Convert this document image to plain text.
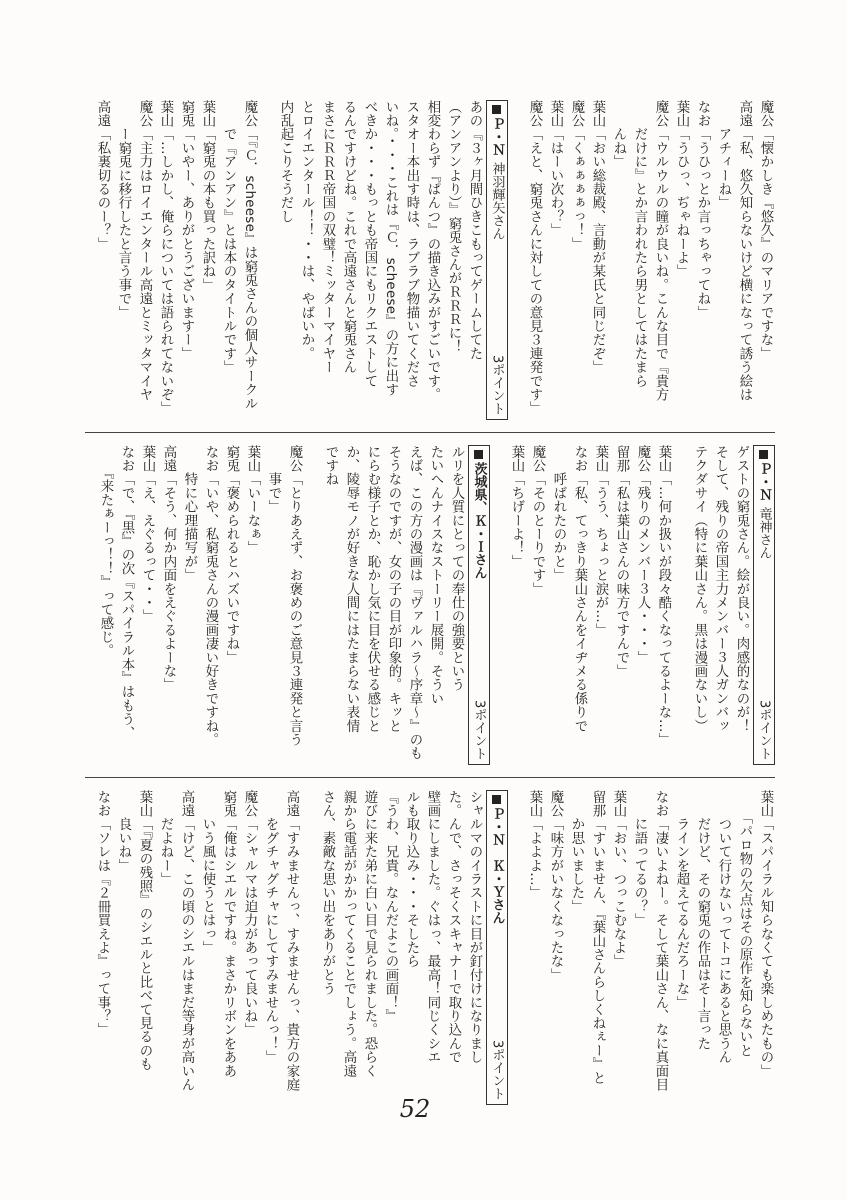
魔公「懐かしき『悠久』のマリアですな」
高遠「私、悠久知らないけど横になって誘う絵は
　　アチィーね」
なお「うひっとか言っちゃってね」
葉山「うひっ、ぢゃねーよ」
魔公「ウルウルの瞳が良いね。こんな目で『貴方
　　だけに』とか言われたら男としてはたまら
　　んね」
葉山「おい総裁殿、言動が某氏と同じだぞ」
魔公「くぁぁぁぁっ！」
葉山「はーい次わ？」
魔公「えと、窮兎さんに対しての意見３連発です」
Ｐ・Ｎ神羽輝矢さん
3ポイント
あの『３ヶ月間ひきこもってゲームしてた
（アンアンより）』窮兎さんがＲＲＲに！
相変わらず『ぱんつ』の描き込みがすごいです。
スタオー本出す時は、ラブラブ物描いてくださ
いね。・・・これは『Ｃ．scheese』の方に出す
べきか・・・もっとも帝国にもリクエストして
るんですけどね。これで高遠さんと窮兎さん
まさにＲＲＲ帝国の双璧！ミッターマイヤー
とロイエンタール！！・・は、やばいか。
内乱起こりそうだし
魔公「『Ｃ．scheese』は窮兎さんの個人サークル
　　で『アンアン』とは本のタイトルです」
葉山「窮兎の本も買った訳ね」
窮兎「いやー、ありがとうございますー」
葉山「…しかし、俺らについては語られてないぞ」
魔公「主力はロイエンタール高遠とミッタマイヤ
　　ー窮兎に移行したと言う事で」
高遠「私裏切るのー？」
Ｐ・Ｎ竜神さん
3ポイント
ゲストの窮兎さん。絵が良い。肉感的なのが！
そして、残りの帝国主力メンバー３人ガンバッ
テクダサイ（特に葉山さん。黒は漫画ないし）
葉山「…何か扱いが段々酷くなってるよーな…」
魔公「残りのメンバー３人・・・」
留那「私は葉山さんの味方ですんで」
葉山「うう、ちょっと涙が…」
なお「私、てっきり葉山さんをイヂメる係りで
　　呼ばれたのかと」
魔公「そのとーりです」
葉山「ちげーよ！」
茨城県、Ｋ・Ｉさん
3ポイント
ルリを人質にとっての奉仕の強要という
たいへんナイスなストーリー展開。そうい
えば、この方の漫画は『ヴァルハラ～序章～』のも
そうなのですが、女の子の目が印象的。キッと
にらむ様子とか、恥かし気に目を伏せる感じと
か、陵辱モノが好きな人間にはたまらない表情
ですね
魔公「とりあえず、お褒めのご意見３連発と言う
　　事で」
葉山「いーなぁ」
窮兎「褒められるとハズいですね」
なお「いや、私窮兎さんの漫画凄い好きですね。
　　特に心理描写が」
高遠「そう、何か内面をえぐるよーな」
葉山「え、えぐるって・・」
なお「で、『黒』の次『スパイラル本』はもう、
　　『来たぁーっ！！』って感じ。
葉山「スパイラル知らなくても楽しめたもの」
　　「パロ物の欠点はその原作を知らないと
　　ついて行けないってトコにあると思うん
　　だけど、その窮兎の作品はそー言った
　　ラインを超えてるんだろーな」
なお「凄いよねー。そして葉山さん、なに真面目
　　に語ってるの？」
葉山「おい、つっこむなよ」
留那「すいません、『葉山さんらしくねぇー』と
　　か思いました」
魔公「味方がいなくなったな」
葉山「よよよ…」
Ｐ・Ｎ　Ｋ・Ｙさん
3ポイント
シャルマのイラストに目が釘付けになりまし
た。んで、さっそくスキャナーで取り込んで
壁画にしました。ぐはっ、最高！同じくシエ
ルも取り込み・・・そしたら
『うわ、兄貴。なんだよこの画面！』
遊びに来た弟に白い目で見られました。恐らく
親から電話がかかってくることでしょう。高遠
さん、素敵な思い出をありがとう
高遠「すみませんっ、すみませんっ、貴方の家庭
　　をグチャグチャにしてすみませんっ！」
魔公「シャルマは迫力があって良いね」
窮兎「俺はシエルですね。まさかリボンをああ
　　いう風に使うとはっ」
高遠「けど、この頃のシエルはまだ等身が高いん
　　だよねー」
葉山「『夏の残照』のシエルと比べて見るのも
　　良いね」
なお「ソレは『２冊買えよ』って事？」
52
